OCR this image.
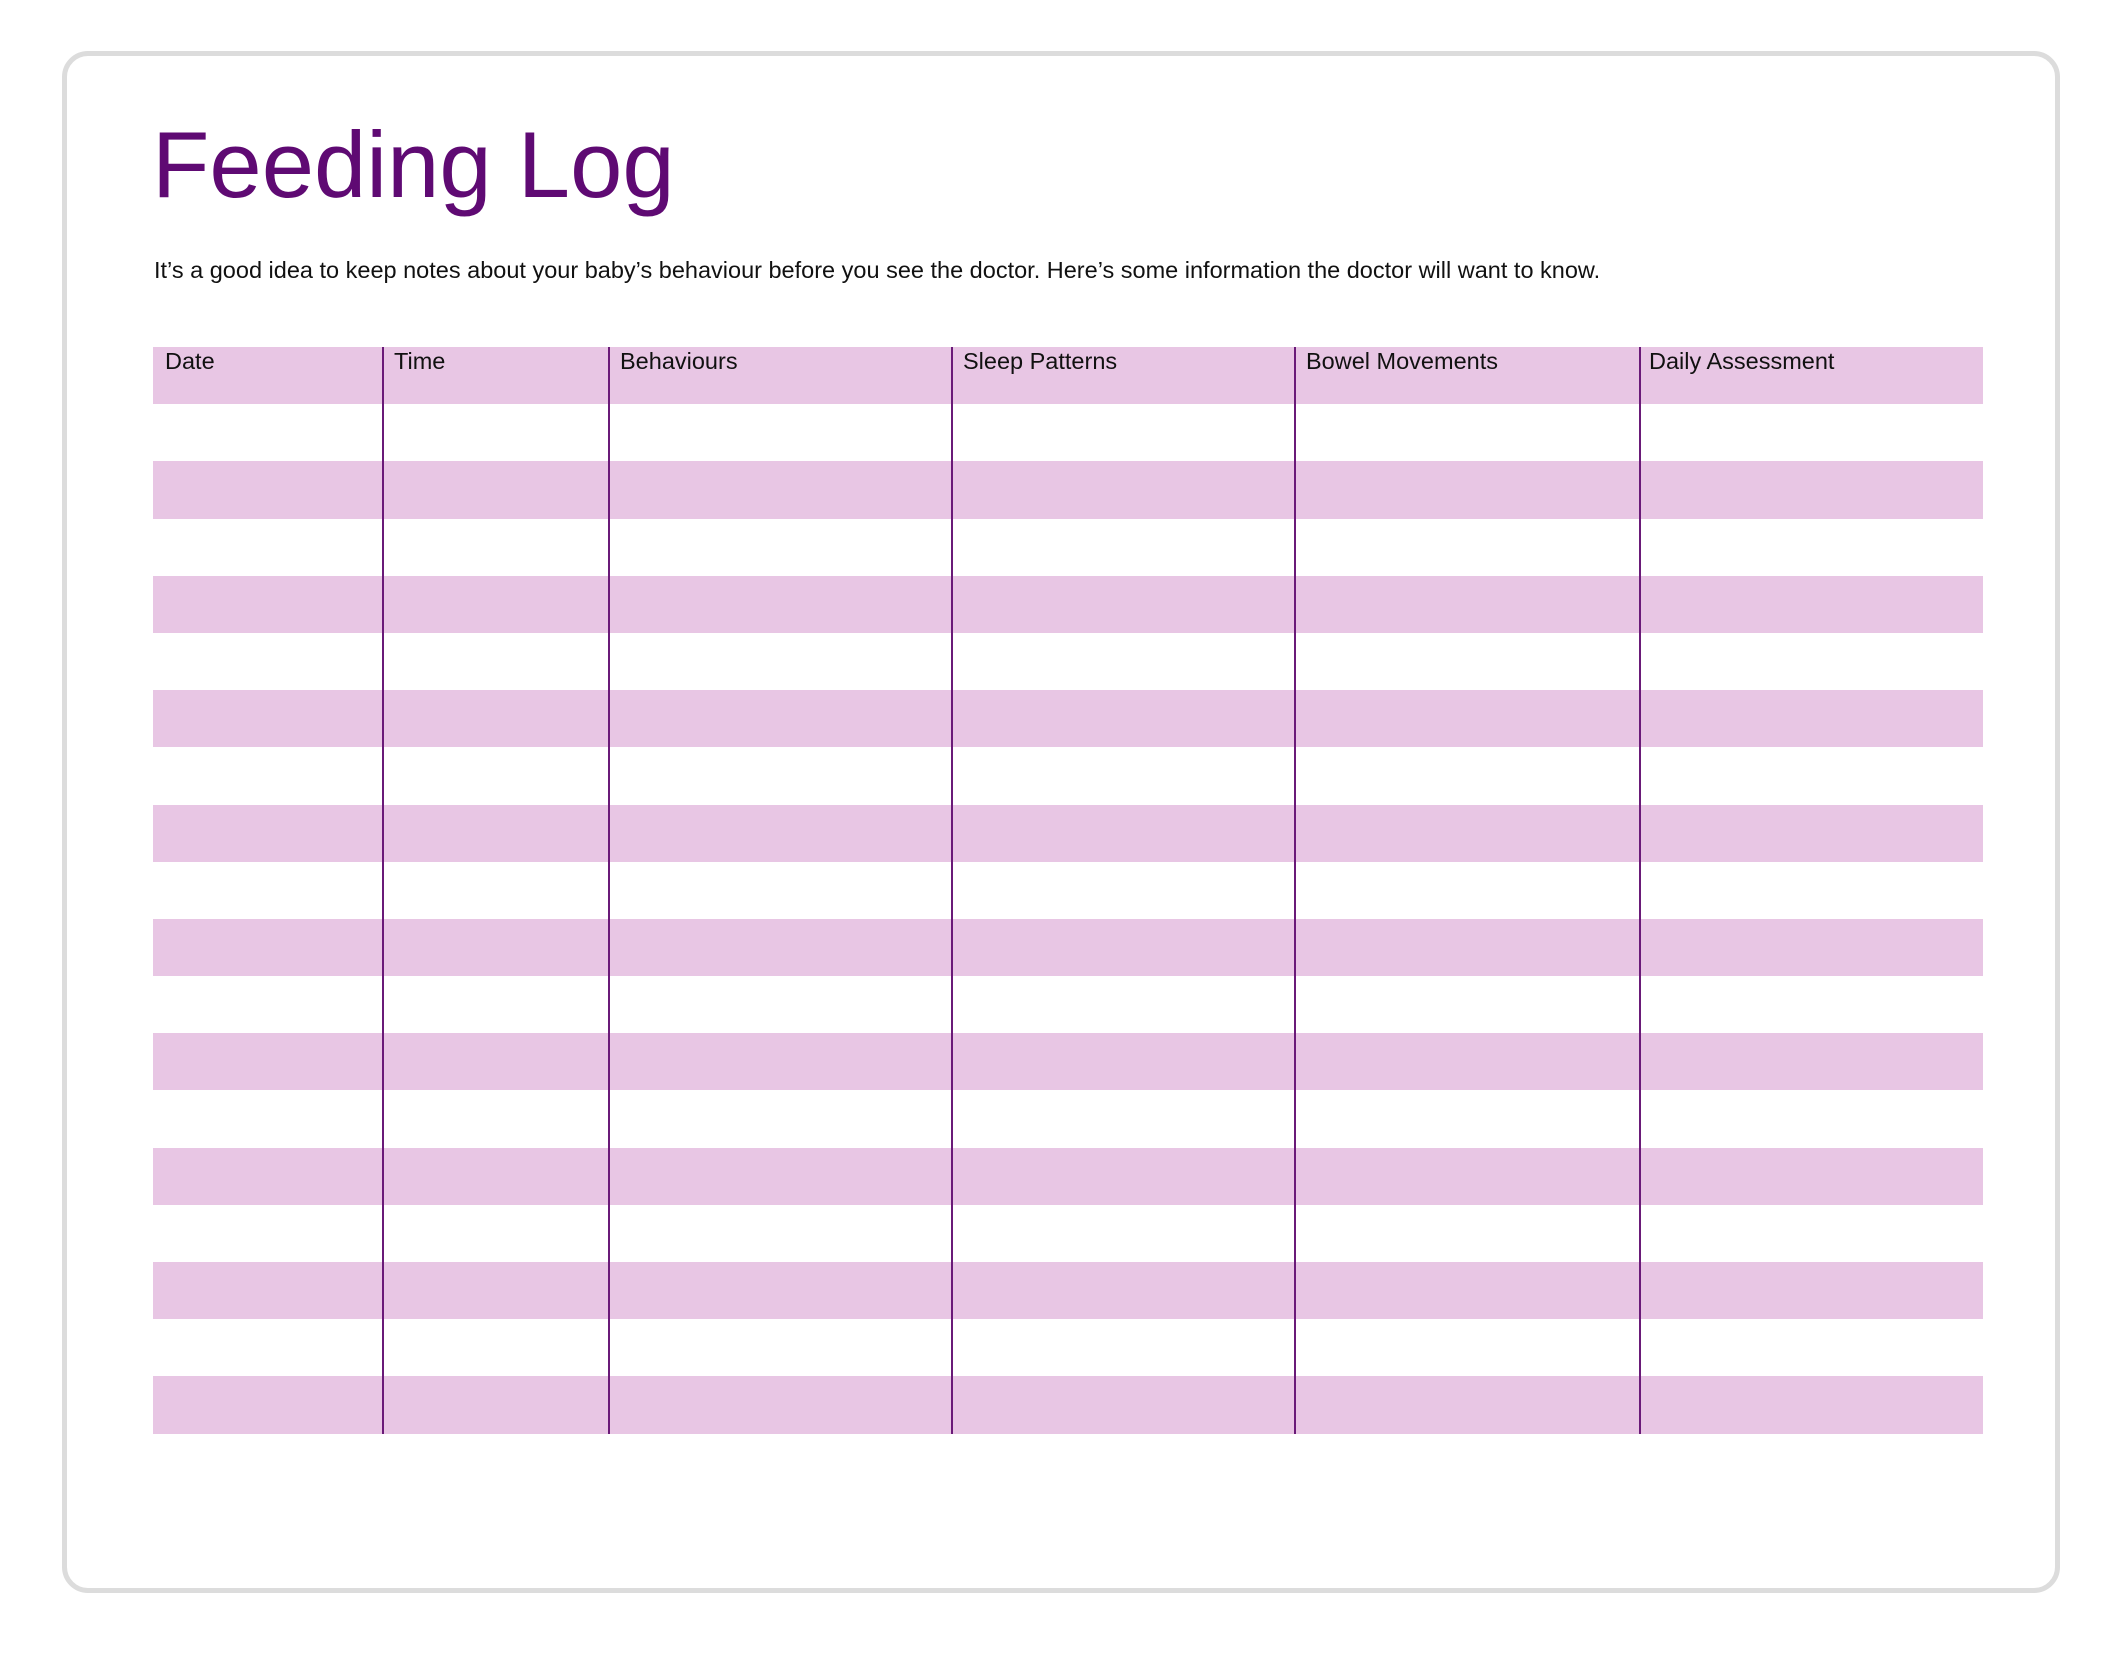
Feeding Log

It’s a good idea to keep notes about your baby’s behaviour before you see the doctor. Here’s some information the doctor will want to know.

Date	Time	Behaviours	Sleep Patterns	Bowel Movements	Daily Assessment
